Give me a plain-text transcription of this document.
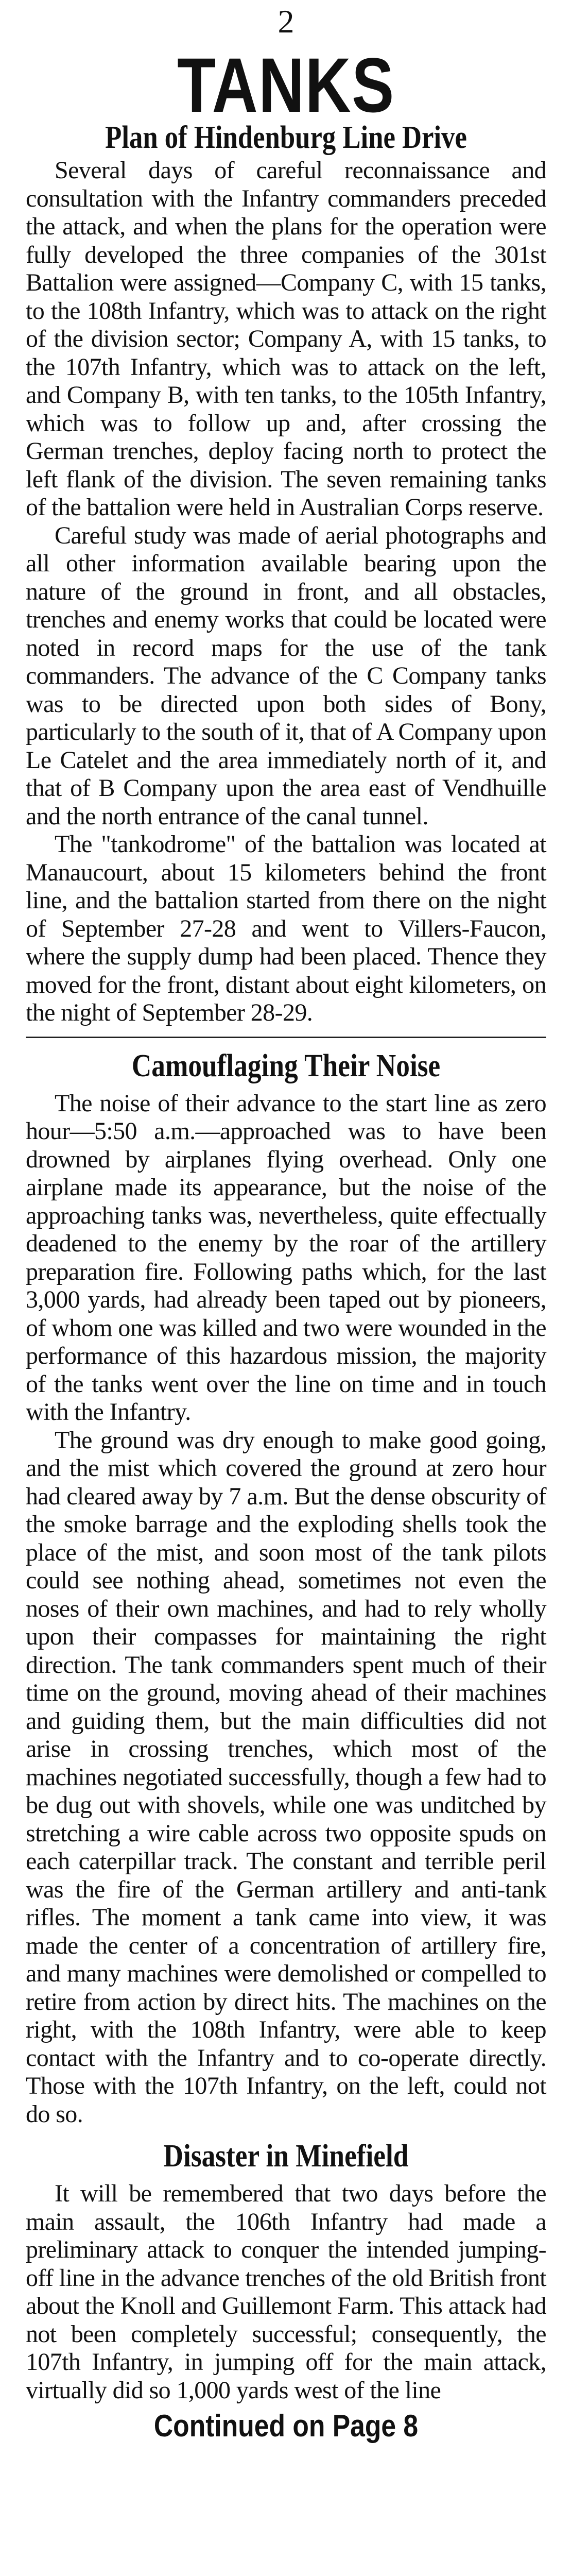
2
TANKS
Plan of Hindenburg Line Drive

Several days of careful reconnaissance and consultation with the Infantry commanders preceded the attack, and when the plans for the operation were fully developed the three companies of the 301st Battalion were assigned—Company C, with 15 tanks, to the 108th Infantry, which was to attack on the right of the division sector; Company A, with 15 tanks, to the 107th Infantry, which was to attack on the left, and Company B, with ten tanks, to the 105th Infantry, which was to follow up and, after crossing the German trenches, deploy facing north to protect the left flank of the division. The seven remaining tanks of the battalion were held in Australian Corps reserve.

Careful study was made of aerial photographs and all other information available bearing upon the nature of the ground in front, and all obstacles, trenches and enemy works that could be located were noted in record maps for the use of the tank commanders. The advance of the C Company tanks was to be directed upon both sides of Bony, particularly to the south of it, that of A Company upon Le Catelet and the area immediately north of it, and that of B Company upon the area east of Vendhuille and the north entrance of the canal tunnel.

The "tankodrome" of the battalion was located at Manaucourt, about 15 kilometers behind the front line, and the battalion started from there on the night of September 27-28 and went to Villers-Faucon, where the supply dump had been placed. Thence they moved for the front, distant about eight kilometers, on the night of September 28-29.

Camouflaging Their Noise

The noise of their advance to the start line as zero hour—5:50 a.m.—approached was to have been drowned by airplanes flying overhead. Only one airplane made its appearance, but the noise of the approaching tanks was, nevertheless, quite effectually deadened to the enemy by the roar of the artillery preparation fire. Following paths which, for the last 3,000 yards, had already been taped out by pioneers, of whom one was killed and two were wounded in the performance of this hazardous mission, the majority of the tanks went over the line on time and in touch with the Infantry.

The ground was dry enough to make good going, and the mist which covered the ground at zero hour had cleared away by 7 a.m. But the dense obscurity of the smoke barrage and the exploding shells took the place of the mist, and soon most of the tank pilots could see nothing ahead, sometimes not even the noses of their own machines, and had to rely wholly upon their compasses for maintaining the right direction. The tank commanders spent much of their time on the ground, moving ahead of their machines and guiding them, but the main difficulties did not arise in crossing trenches, which most of the machines negotiated successfully, though a few had to be dug out with shovels, while one was unditched by stretching a wire cable across two opposite spuds on each caterpillar track. The constant and terrible peril was the fire of the German artillery and anti-tank rifles. The moment a tank came into view, it was made the center of a concentration of artillery fire, and many machines were demolished or compelled to retire from action by direct hits. The machines on the right, with the 108th Infantry, were able to keep contact with the Infantry and to co-operate directly. Those with the 107th Infantry, on the left, could not do so.

Disaster in Minefield

It will be remembered that two days before the main assault, the 106th Infantry had made a preliminary attack to conquer the intended jumping-off line in the advance trenches of the old British front about the Knoll and Guillemont Farm. This attack had not been completely successful; consequently, the 107th Infantry, in jumping off for the main attack, virtually did so 1,000 yards west of the line

Continued on Page 8
